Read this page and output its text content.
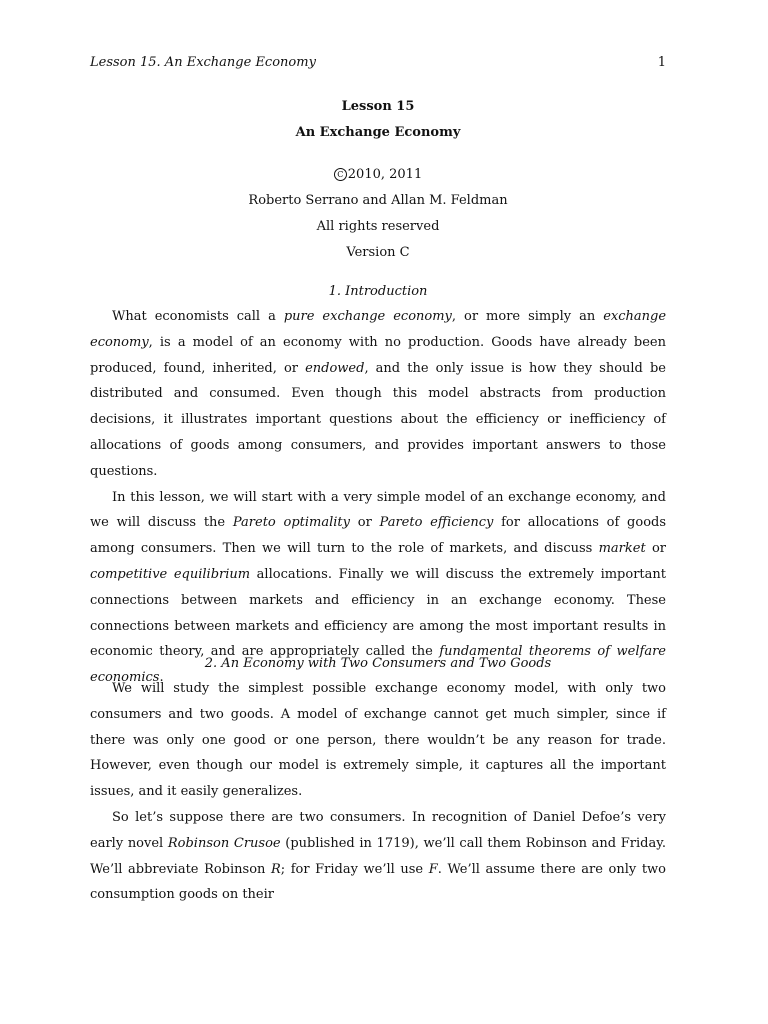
Lesson 15. An Exchange Economy	1
Lesson 15
An Exchange Economy
C 2010, 2011
Roberto Serrano and Allan M. Feldman
All rights reserved
Version C
1. Introduction

What economists call a pure exchange economy, or more simply an exchange economy, is a model of an economy with no production. Goods have already been produced, found, inherited, or endowed, and the only issue is how they should be distributed and consumed. Even though this model abstracts from production decisions, it illustrates important questions about the efficiency or inefficiency of allocations of goods among consumers, and provides important answers to those questions.

In this lesson, we will start with a very simple model of an exchange economy, and we will discuss the Pareto optimality or Pareto efficiency for allocations of goods among consumers. Then we will turn to the role of markets, and discuss market or competitive equilibrium allocations. Finally we will discuss the extremely important connections between markets and efficiency in an exchange economy. These connections between markets and efficiency are among the most important results in economic theory, and are appropriately called the fundamental theorems of welfare economics.

2. An Economy with Two Consumers and Two Goods

We will study the simplest possible exchange economy model, with only two consumers and two goods. A model of exchange cannot get much simpler, since if there was only one good or one person, there wouldn’t be any reason for trade. However, even though our model is extremely simple, it captures all the important issues, and it easily generalizes.

So let’s suppose there are two consumers. In recognition of Daniel Defoe’s very early novel Robinson Crusoe (published in 1719), we’ll call them Robinson and Friday. We’ll abbreviate Robinson R; for Friday we’ll use F. We’ll assume there are only two consumption goods on their
